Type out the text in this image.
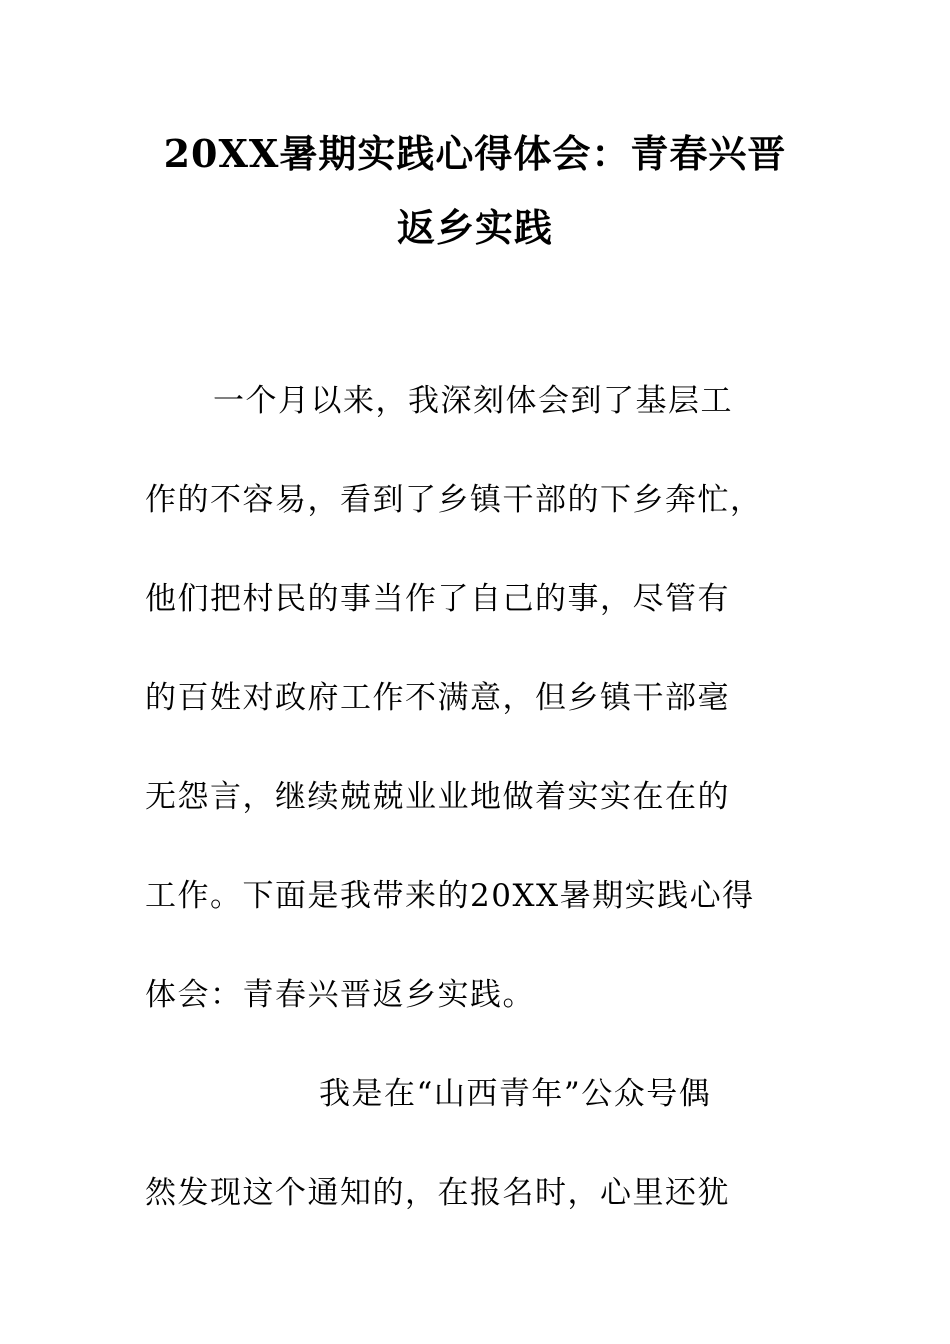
20XX暑期实践心得体会：青春兴晋
返乡实践
一个月以来，我深刻体会到了基层工
作的不容易，看到了乡镇干部的下乡奔忙，
他们把村民的事当作了自己的事，尽管有
的百姓对政府工作不满意，但乡镇干部毫
无怨言，继续兢兢业业地做着实实在在的
工作。下面是我带来的20XX暑期实践心得
体会：青春兴晋返乡实践。
我是在“山西青年”公众号偶
然发现这个通知的，在报名时，心里还犹
